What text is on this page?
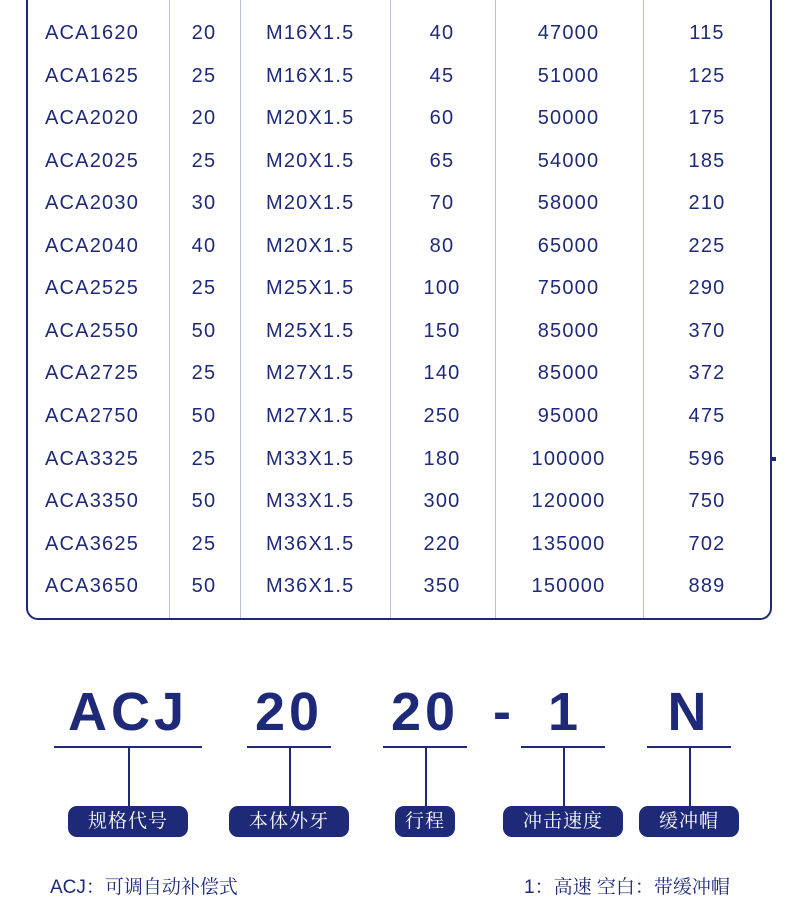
ACA1620	20	M16X1.5	40	47000	115
ACA1625	25	M16X1.5	45	51000	125
ACA2020	20	M20X1.5	60	50000	175
ACA2025	25	M20X1.5	65	54000	185
ACA2030	30	M20X1.5	70	58000	210
ACA2040	40	M20X1.5	80	65000	225
ACA2525	25	M25X1.5	100	75000	290
ACA2550	50	M25X1.5	150	85000	370
ACA2725	25	M27X1.5	140	85000	372
ACA2750	50	M27X1.5	250	95000	475
ACA3325	25	M33X1.5	180	100000	596
ACA3350	50	M33X1.5	300	120000	750
ACA3625	25	M36X1.5	220	135000	702
ACA3650	50	M36X1.5	350	150000	889
ACJ 20 20 - 1	N
规格代号	本体外牙	行程	冲击速度	缓冲帽
ACJ：可调自动补偿式	1：高速 空白：带缓冲帽
